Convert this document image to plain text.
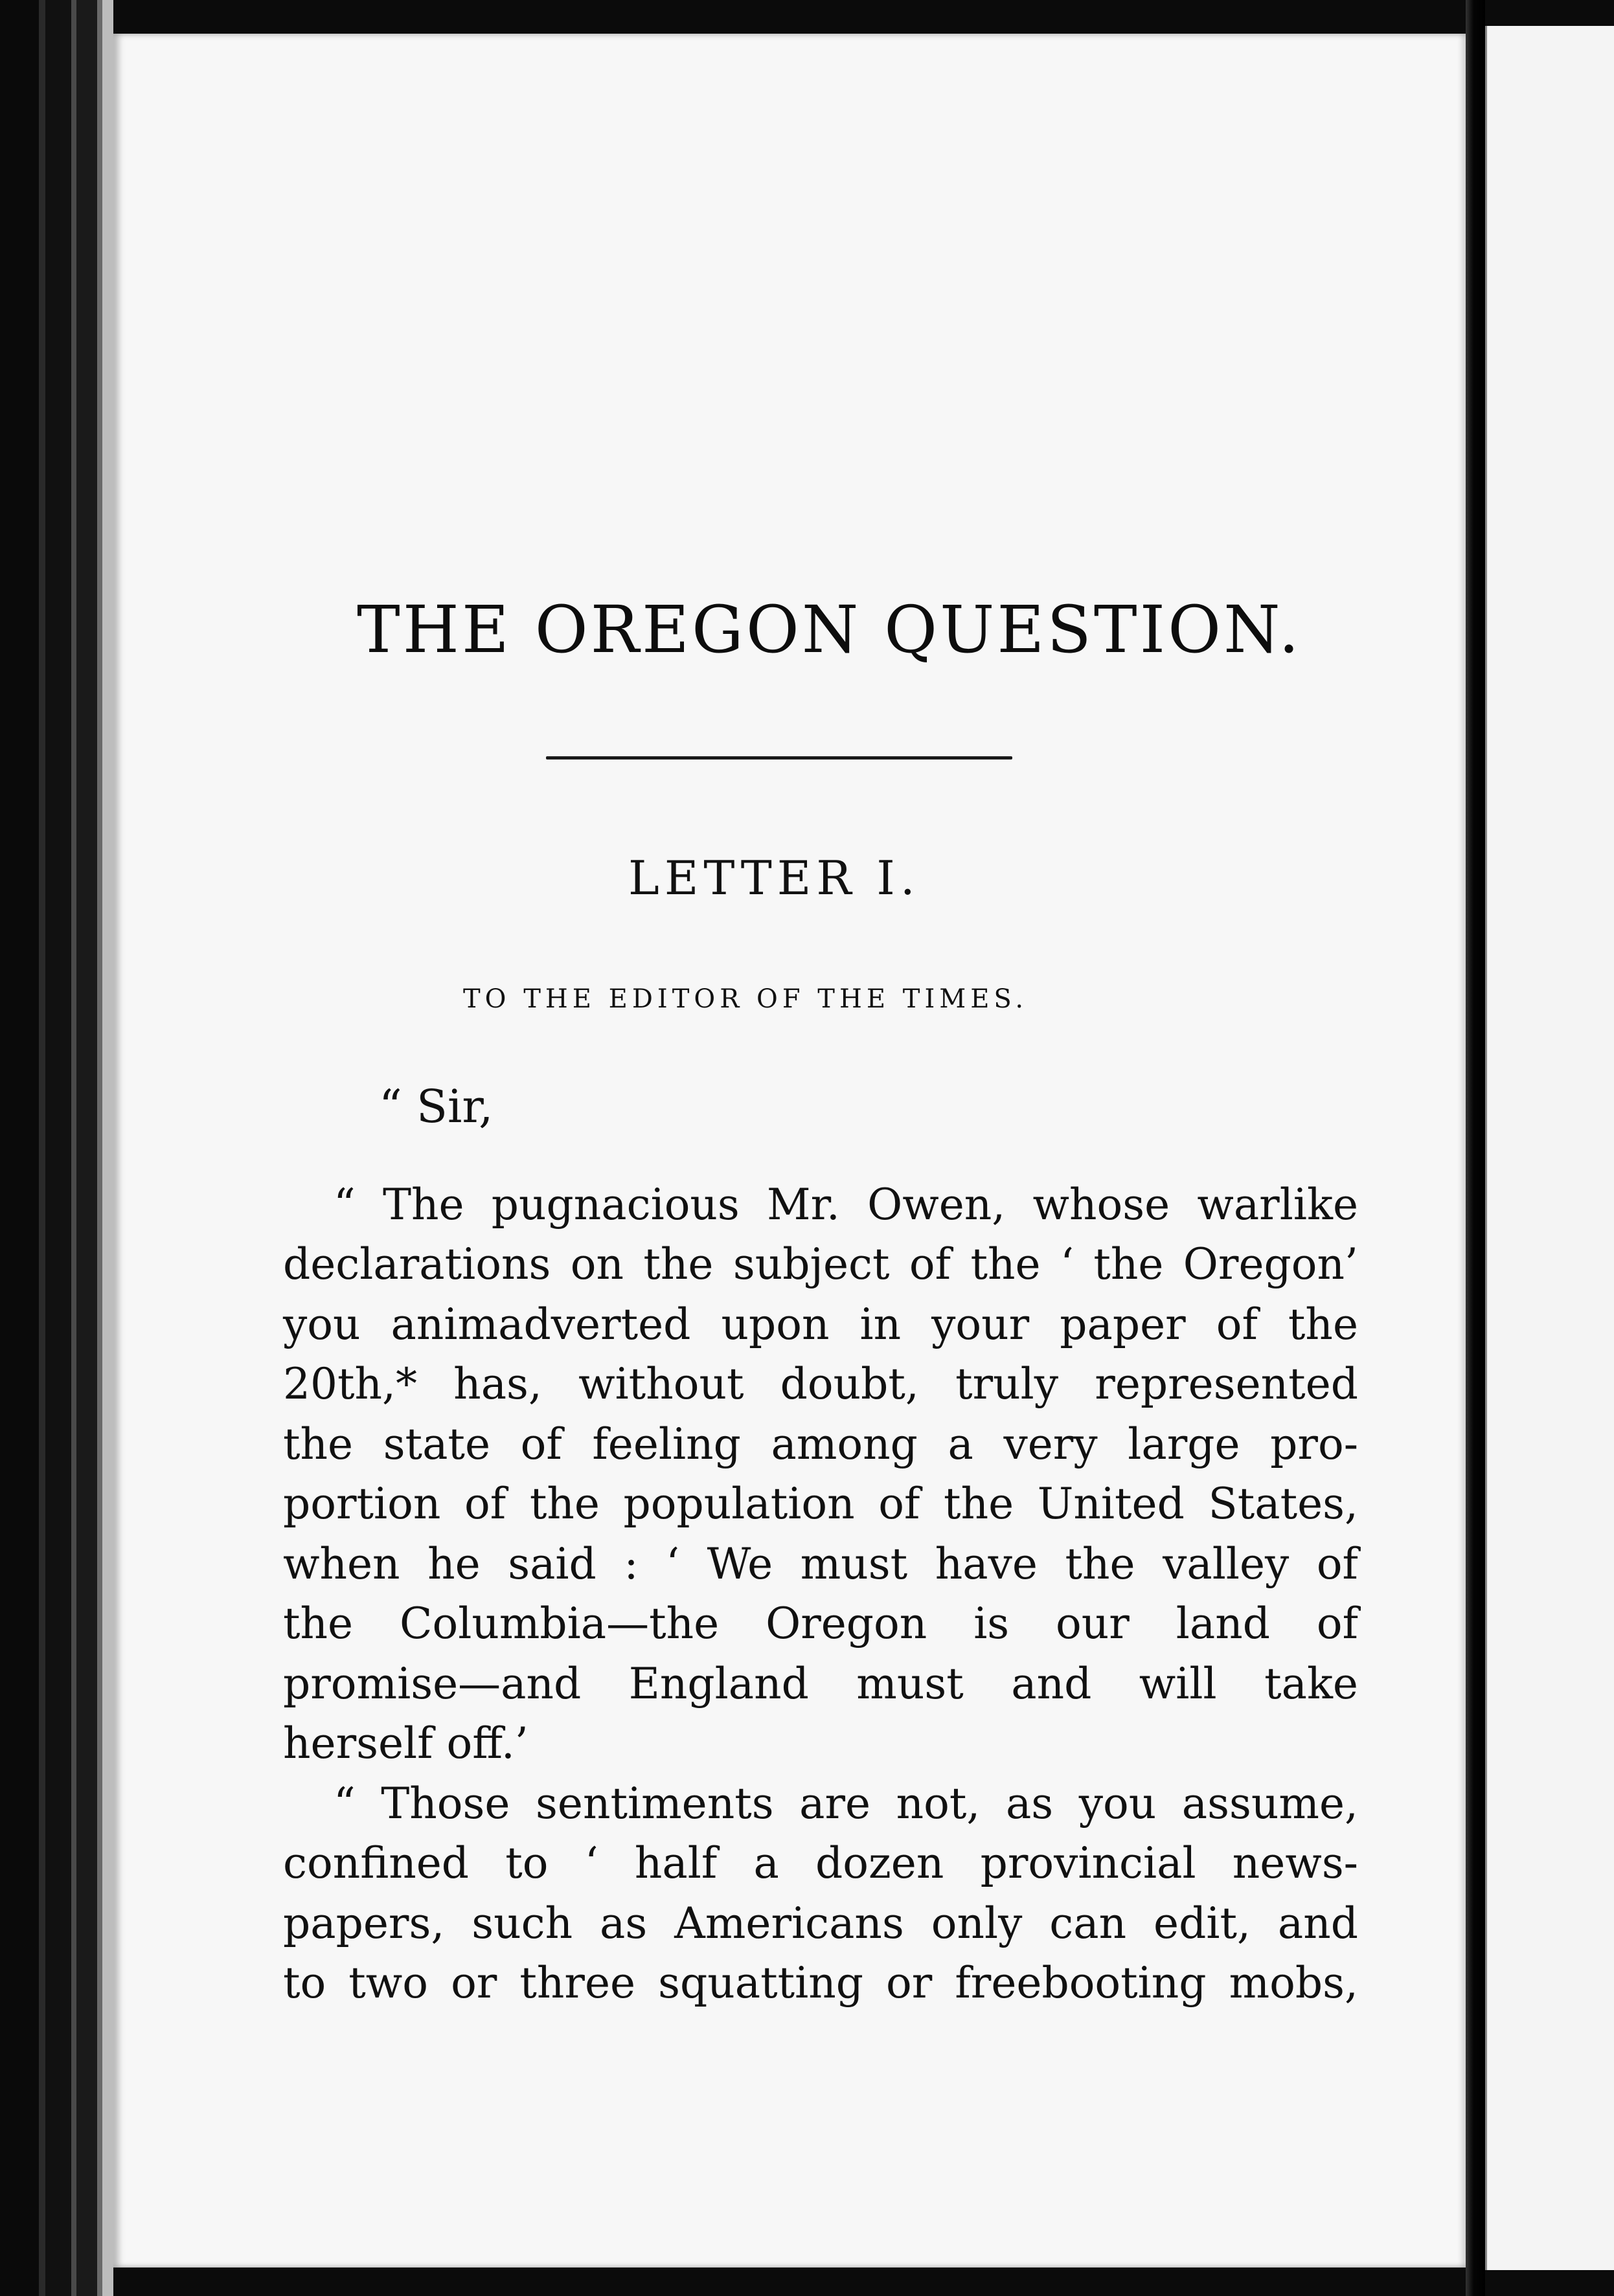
THE OREGON QUESTION.
LETTER I.
TO THE EDITOR OF THE TIMES.
“ Sir,
“ The pugnacious Mr. Owen, whose warlike
declarations on the subject of the ‘ the Oregon’
you animadverted upon in your paper of the
20th,* has, without doubt, truly represented
the state of feeling among a very large pro-
portion of the population of the United States,
when he said : ‘ We must have the valley of
the Columbia—the Oregon is our land of
promise—and England must and will take
herself off.’
“ Those sentiments are not, as you assume,
confined to ‘ half a dozen provincial news-
papers, such as Americans only can edit, and
to two or three squatting or freebooting mobs,
